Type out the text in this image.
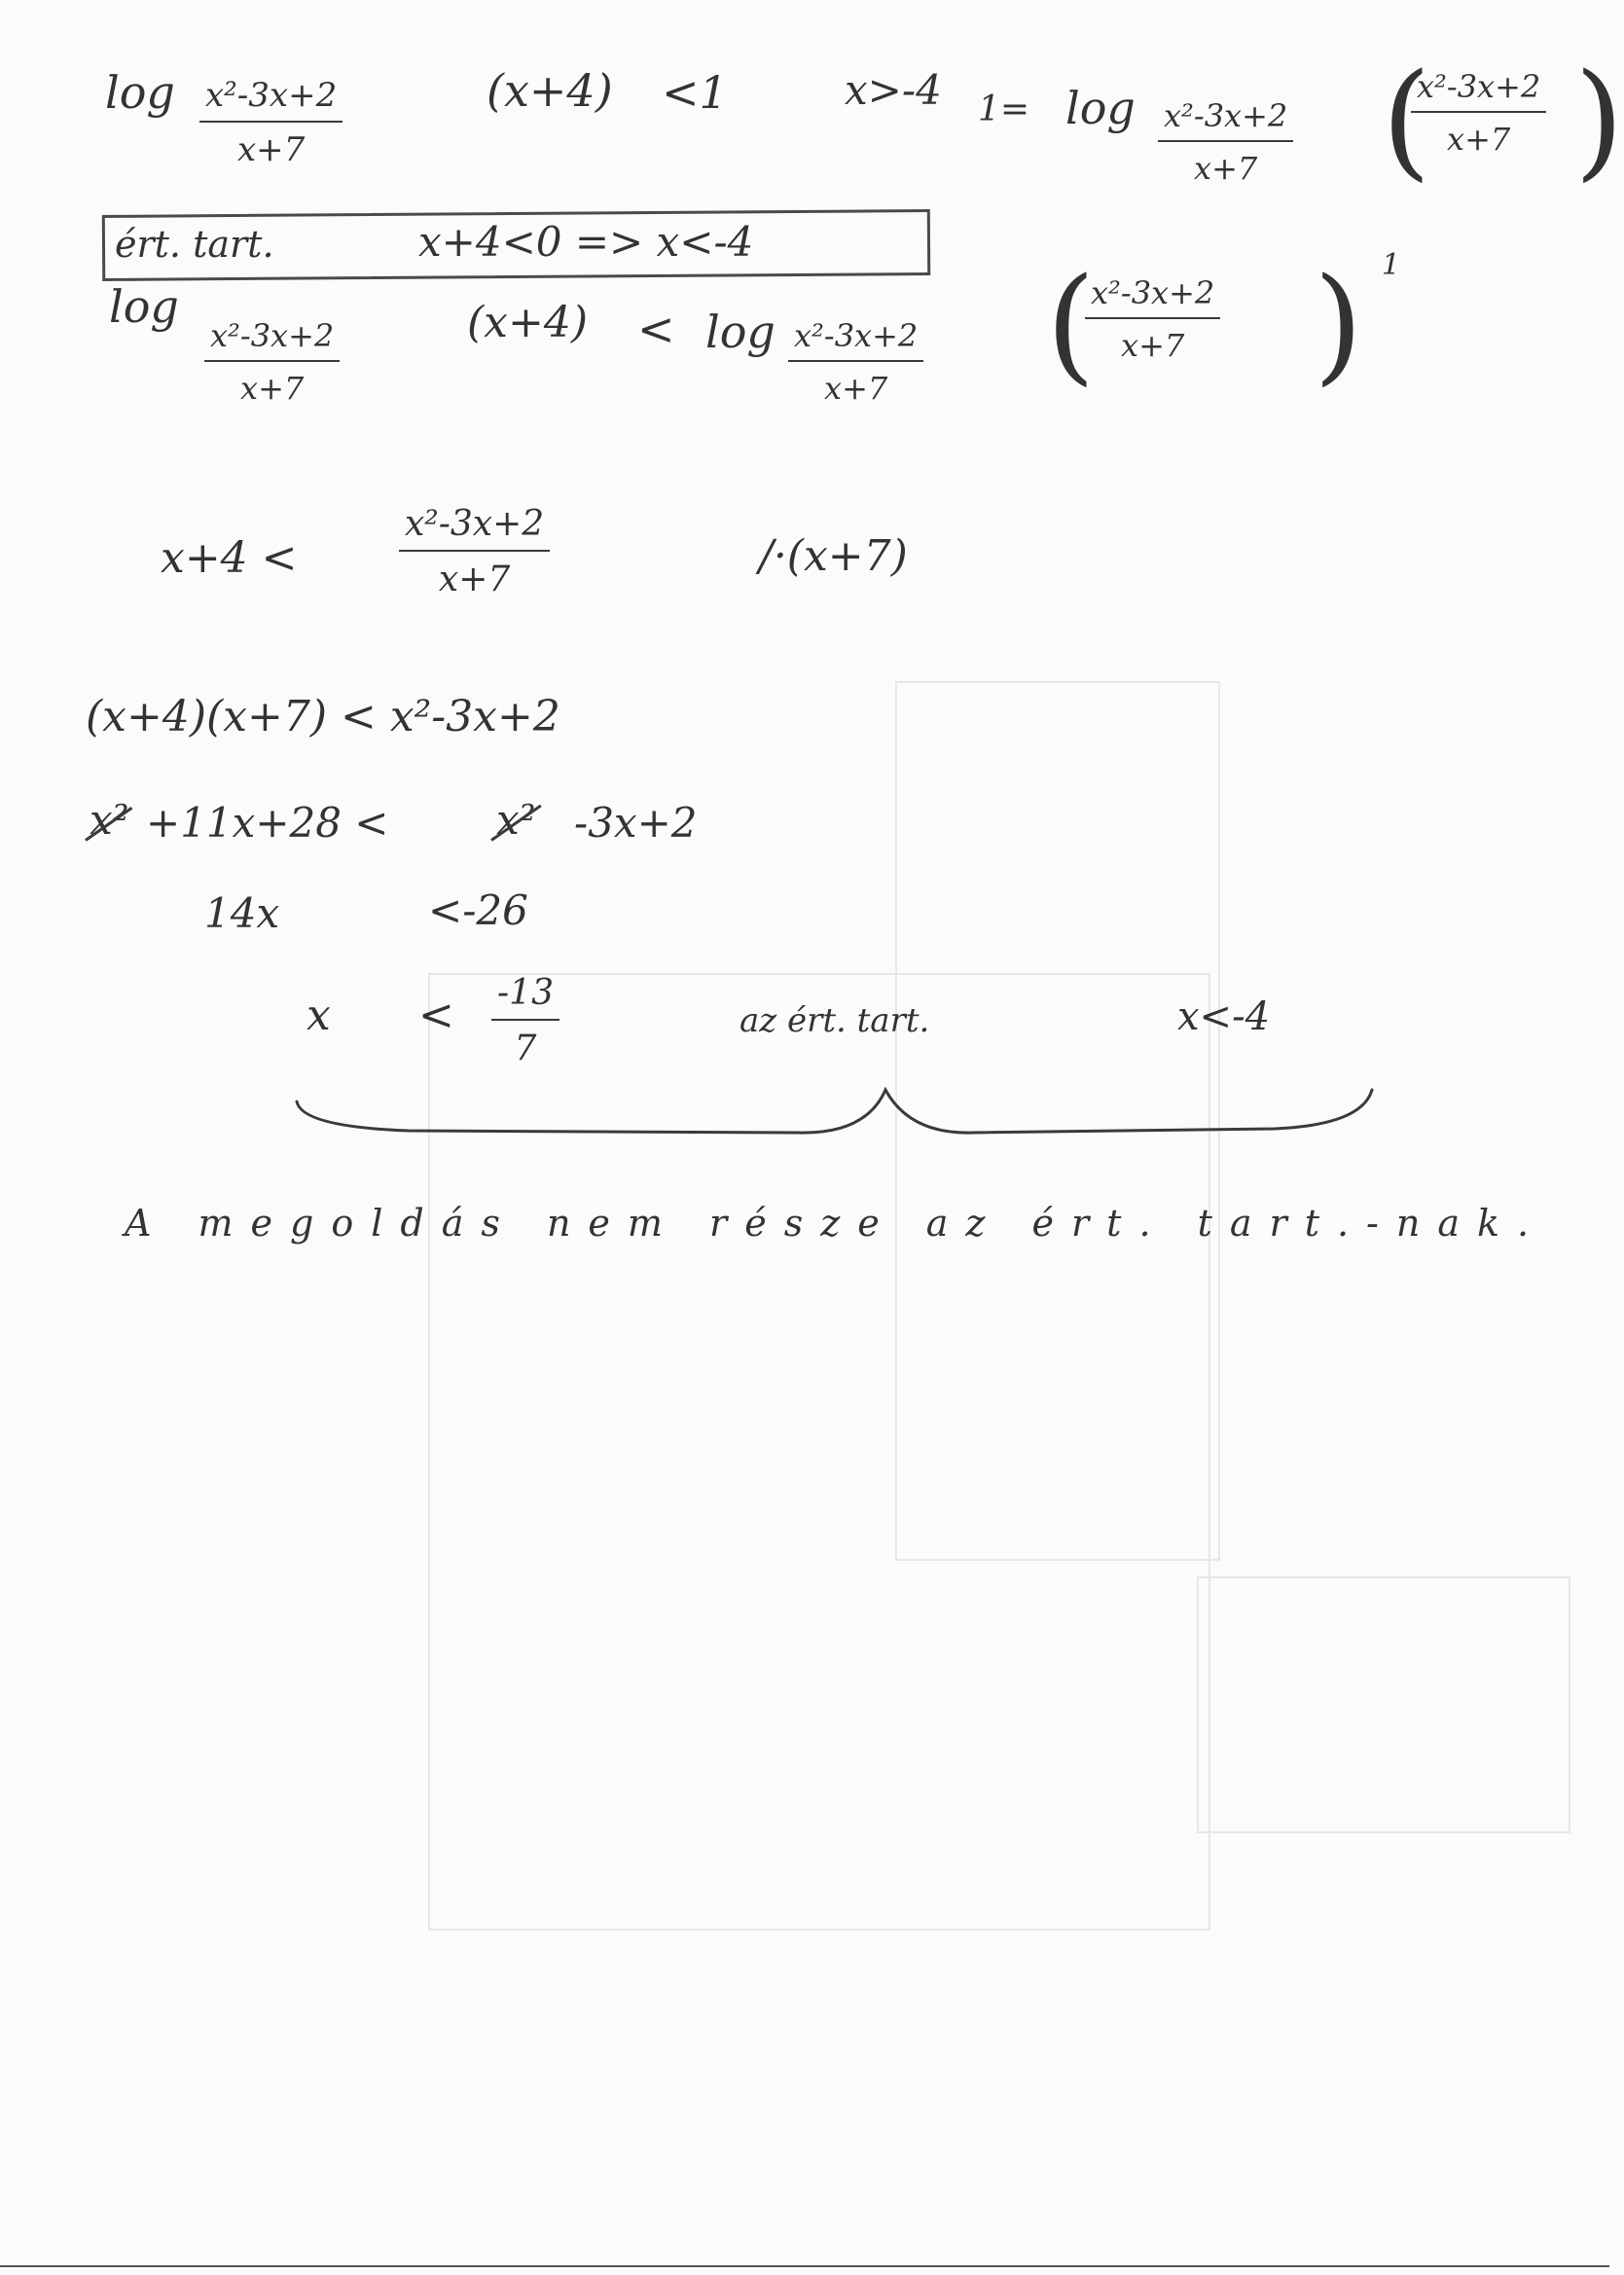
$\log \frac{\text{x²-3x+2}}{x+7}$	(x+4) <1	x>-4 $1= \log \frac{\text{x²-3x+2}}{x+7}$ (
$\frac{\text{x²-3x+2}}{x+7}$ )
ért. tart.	x+4<0 => x<-4
log
$\frac{\text{x²-3x+2}}{x+7}$	$(x+4) < \log \frac{\text{x²-3x+2}}{x+7}$ (
$\frac{\text{x²-3x+2}}{x+7}$ ) 1
x+4 <	$\frac{\text{x²-3x+2}}{x+7}$	/·(x+7)
(x+4)(x+7) < x²-3x+2
x² +11x+28 <	x² -3x+2
14x	<-26
$x < \frac{-13}{7}$	az ért. tart.	x<-4
A megoldás nem része az ért. tart.-nak.
